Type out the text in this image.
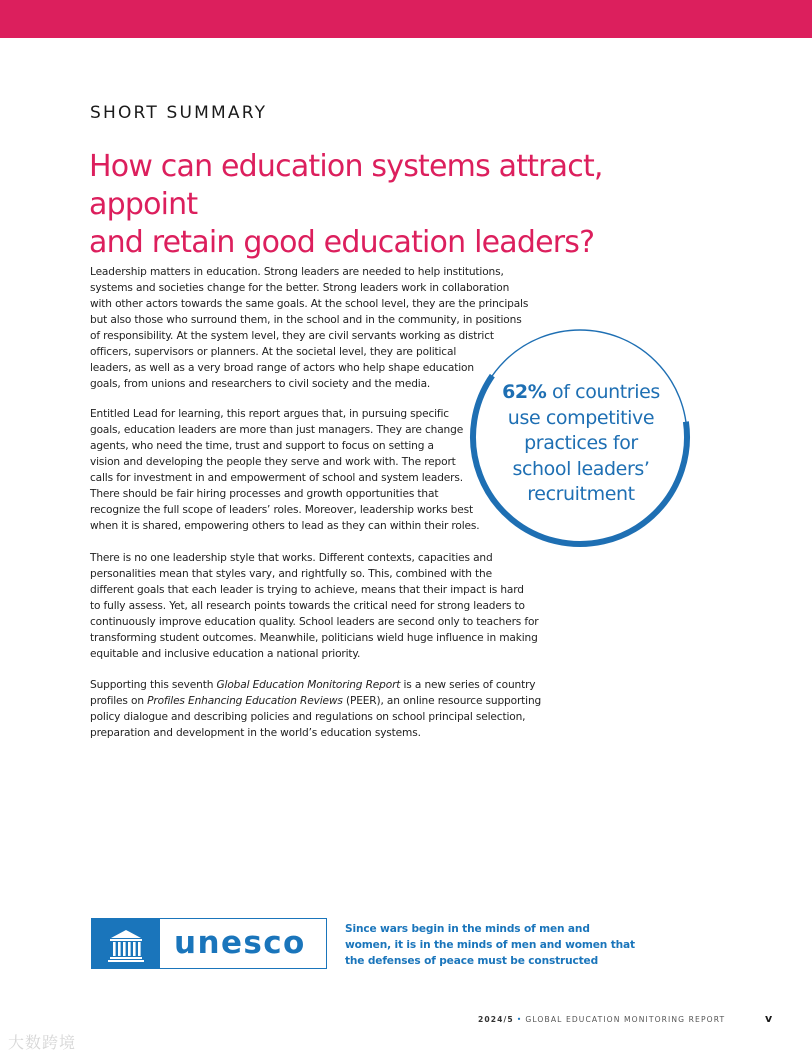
SHORT SUMMARY
How can education systems attract, appoint
and retain good education leaders?

Leadership matters in education. Strong leaders are needed to help institutions,
systems and societies change for the better. Strong leaders work in collaboration
with other actors towards the same goals. At the school level, they are the principals
but also those who surround them, in the school and in the community, in positions
of responsibility. At the system level, they are civil servants working as district
officers, supervisors or planners. At the societal level, they are political
leaders, as well as a very broad range of actors who help shape education
goals, from unions and researchers to civil society and the media.

Entitled Lead for learning, this report argues that, in pursuing specific
goals, education leaders are more than just managers. They are change
agents, who need the time, trust and support to focus on setting a
vision and developing the people they serve and work with. The report
calls for investment in and empowerment of school and system leaders.
There should be fair hiring processes and growth opportunities that
recognize the full scope of leaders’ roles. Moreover, leadership works best
when it is shared, empowering others to lead as they can within their roles.

There is no one leadership style that works. Different contexts, capacities and
personalities mean that styles vary, and rightfully so. This, combined with the
different goals that each leader is trying to achieve, means that their impact is hard
to fully assess. Yet, all research points towards the critical need for strong leaders to
continuously improve education quality. School leaders are second only to teachers for
transforming student outcomes. Meanwhile, politicians wield huge influence in making
equitable and inclusive education a national priority.

Supporting this seventh Global Education Monitoring Report is a new series of country
profiles on Profiles Enhancing Education Reviews (PEER), an online resource supporting
policy dialogue and describing policies and regulations on school principal selection,
preparation and development in the world’s education systems.

62% of countries
use competitive
practices for
school leaders’
recruitment
unesco	Since wars begin in the minds of men and
women, it is in the minds of men and women that
the defenses of peace must be constructed
2024/5 • GLOBAL EDUCATION MONITORING REPORT	v
大数跨境
